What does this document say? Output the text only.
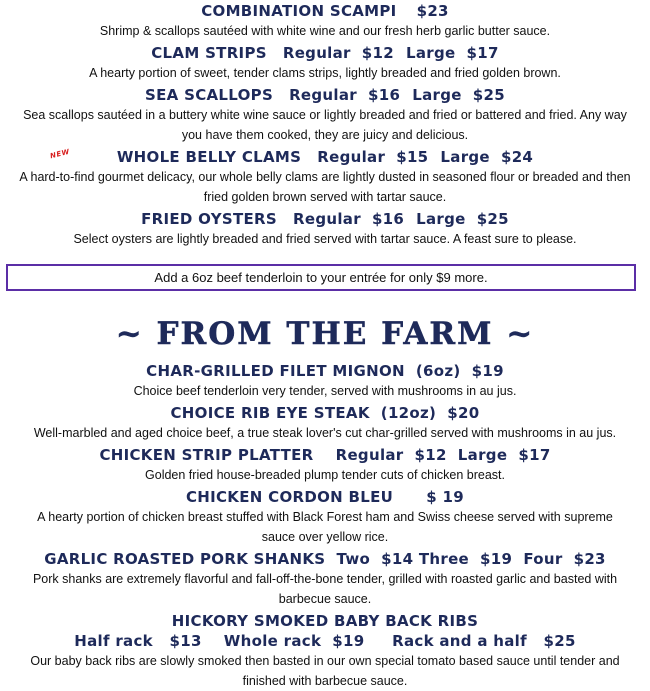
COMBINATION SCAMPI $23
Shrimp & scallops sautéed with white wine and our fresh herb garlic butter sauce.
CLAM STRIPS Regular  $12 Large  $17
A hearty portion of sweet, tender clams strips, lightly breaded and fried golden brown.
SEA SCALLOPS Regular  $16 Large  $25
Sea scallops sautéed in a buttery white wine sauce or lightly breaded and fried or battered and fried. Any way you have them cooked, they are juicy and delicious.
WHOLE BELLY CLAMS Regular  $15 Large  $24
A hard-to-find gourmet delicacy, our whole belly clams are lightly dusted in seasoned flour or breaded and then fried golden brown served with tartar sauce.
FRIED OYSTERS Regular  $16 Large  $25
Select oysters are lightly breaded and fried served with tartar sauce. A feast sure to please.
NEW
Add a 6oz beef tenderloin to your entrée for only $9 more.
~ FROM THE FARM ~
CHAR-GRILLED FILET MIGNON  (6oz)  $19
Choice beef tenderloin very tender, served with mushrooms in au jus.
CHOICE RIB EYE STEAK  (12oz)  $20
Well-marbled and aged choice beef, a true steak lover's cut char-grilled served with mushrooms in au jus.
CHICKEN STRIP PLATTER    Regular  $12  Large  $17
Golden fried house-breaded plump tender cuts of chicken breast.
CHICKEN CORDON BLEU      $ 19
A hearty portion of chicken breast stuffed with Black Forest ham and Swiss cheese served with supreme sauce over yellow rice.
GARLIC ROASTED PORK SHANKS  Two  $14 Three  $19  Four  $23
Pork shanks are extremely flavorful and fall-off-the-bone tender, grilled with roasted garlic and basted with barbecue sauce.
HICKORY SMOKED BABY BACK RIBS
Half rack   $13    Whole rack  $19     Rack and a half   $25
Our baby back ribs are slowly smoked then basted in our own special tomato based sauce until tender and finished with barbecue sauce.
